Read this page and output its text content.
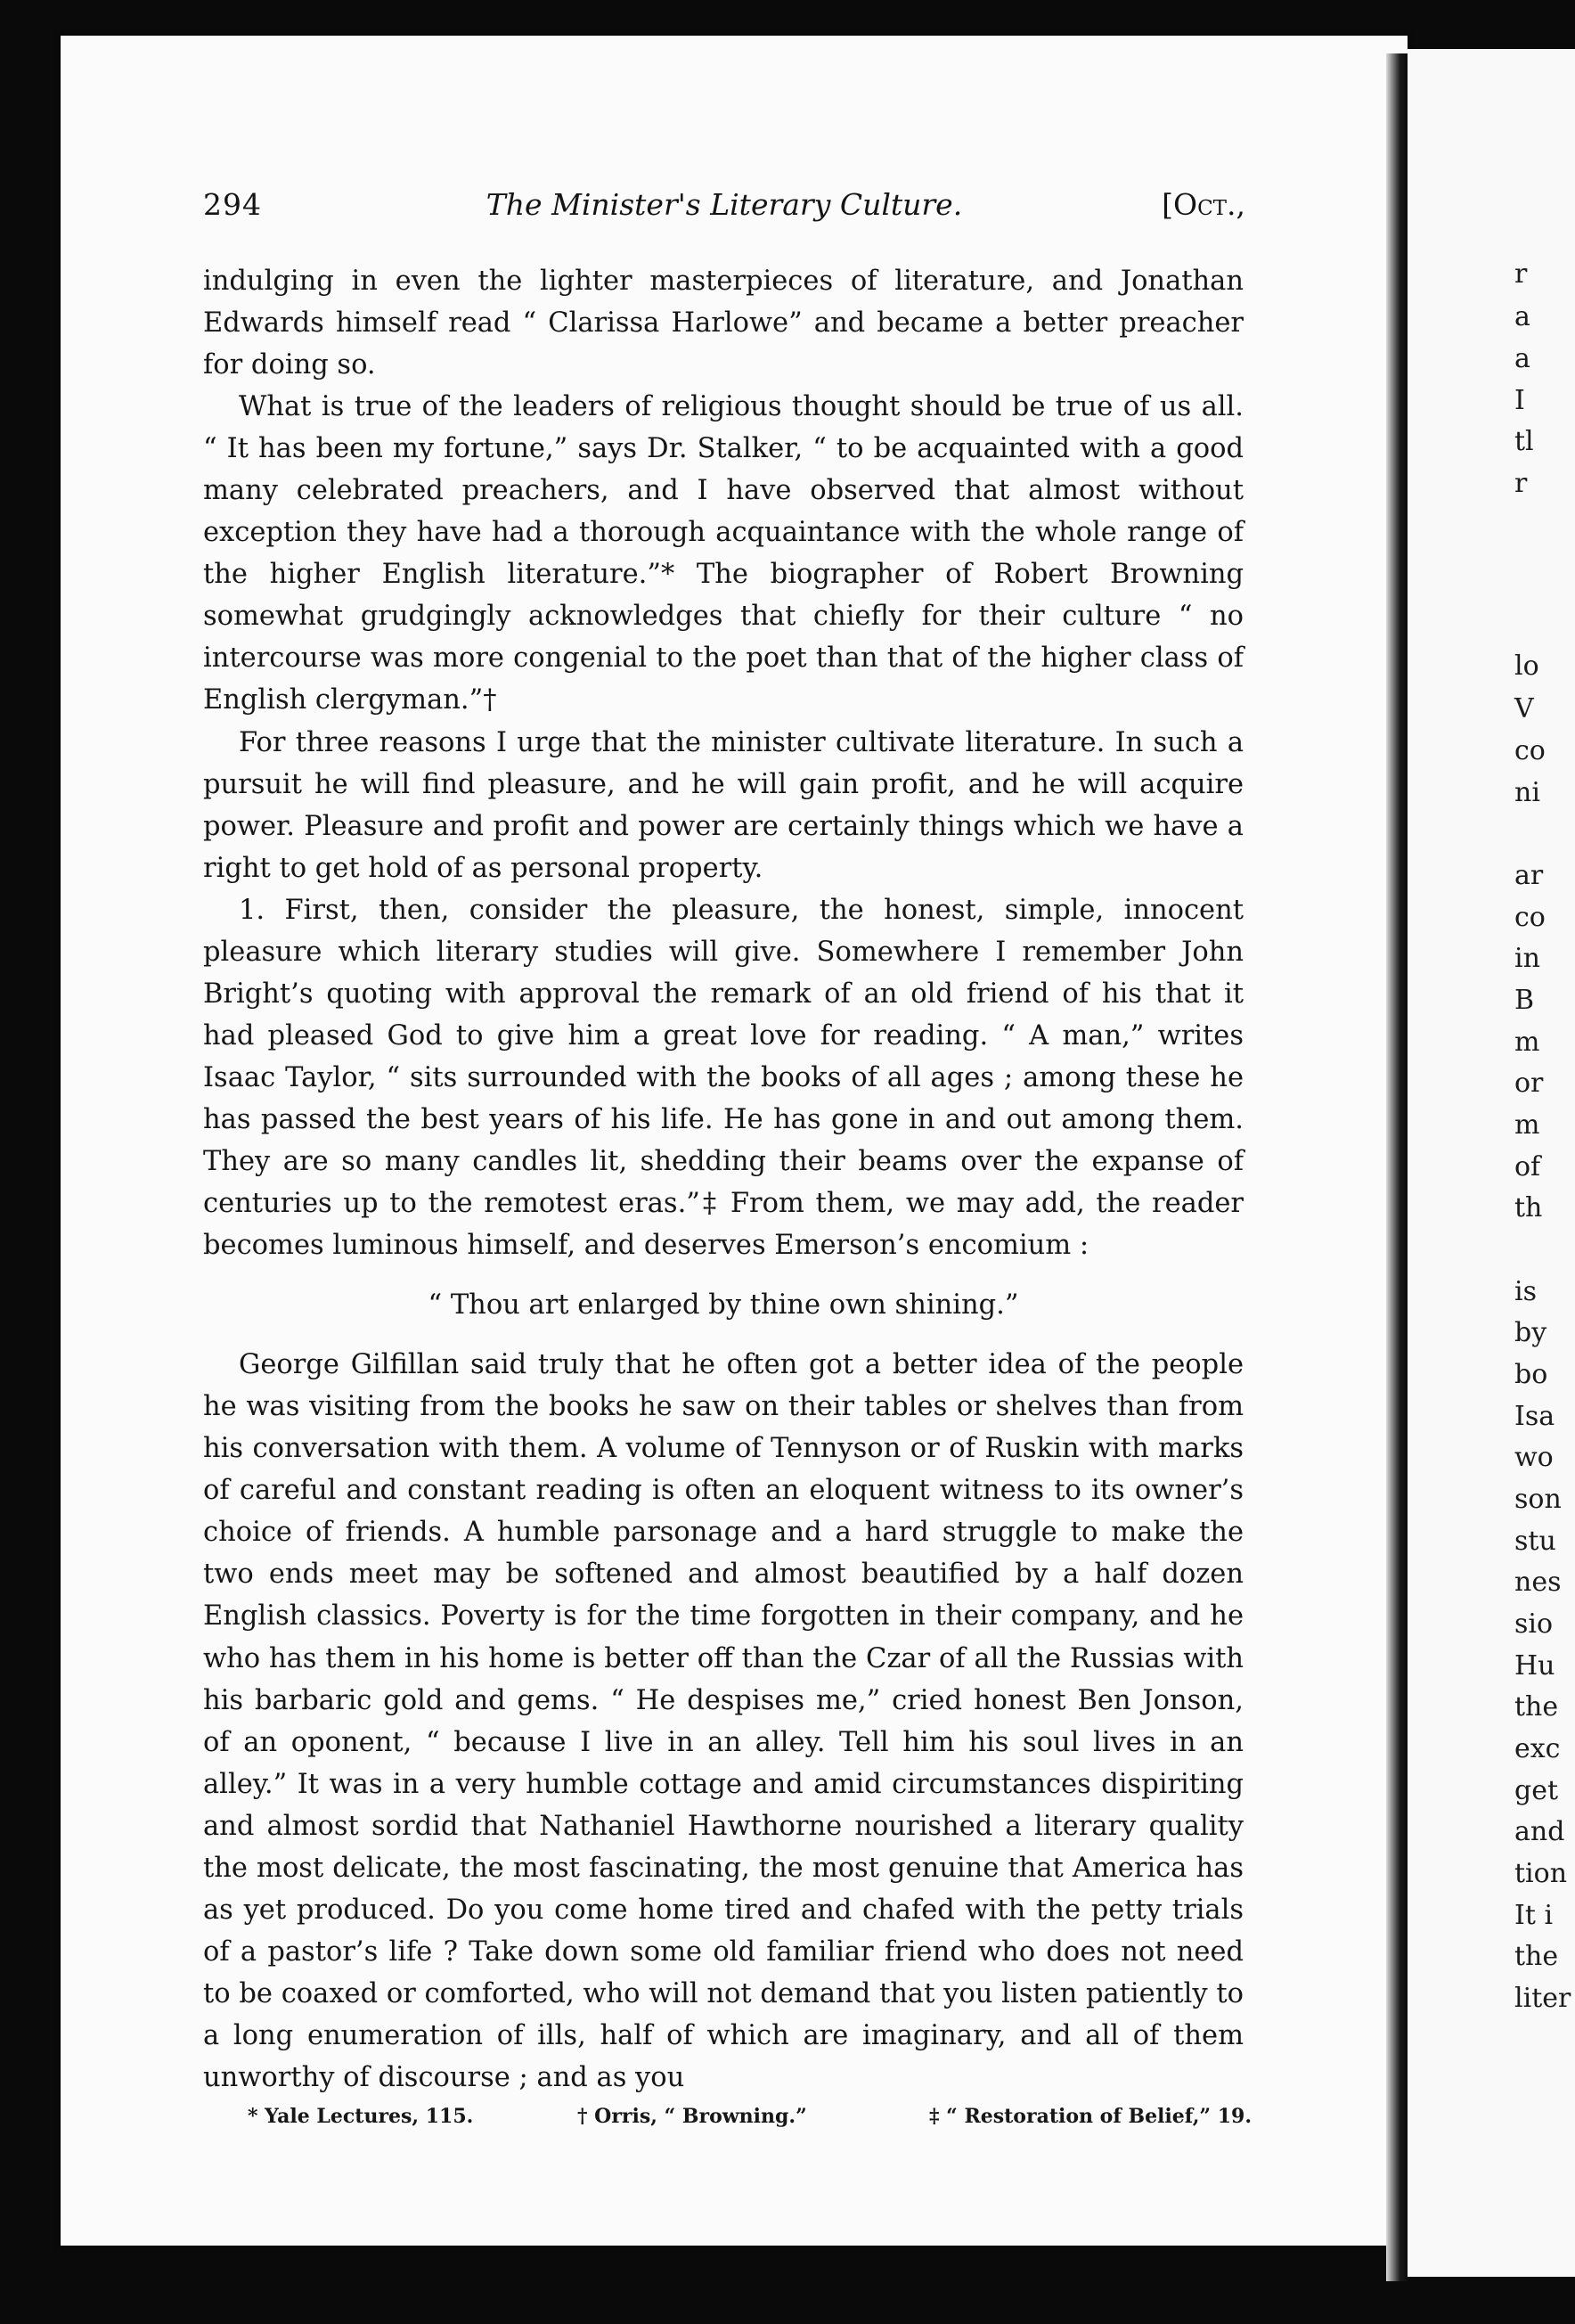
294	The Minister's Literary Culture.	[Oct.,

indulging in even the lighter masterpieces of literature, and Jonathan Edwards himself read “ Clarissa Harlowe” and became a better preacher for doing so.

What is true of the leaders of religious thought should be true of us all. “ It has been my fortune,” says Dr. Stalker, “ to be acquainted with a good many celebrated preachers, and I have observed that almost without exception they have had a thorough acquaintance with the whole range of the higher English literature.”* The biographer of Robert Browning somewhat grudgingly acknowledges that chiefly for their culture “ no intercourse was more congenial to the poet than that of the higher class of English clergyman.”†

For three reasons I urge that the minister cultivate literature. In such a pursuit he will find pleasure, and he will gain profit, and he will acquire power. Pleasure and profit and power are certainly things which we have a right to get hold of as personal property.

1. First, then, consider the pleasure, the honest, simple, innocent pleasure which literary studies will give. Somewhere I remember John Bright’s quoting with approval the remark of an old friend of his that it had pleased God to give him a great love for reading. “ A man,” writes Isaac Taylor, “ sits surrounded with the books of all ages ; among these he has passed the best years of his life. He has gone in and out among them. They are so many candles lit, shedding their beams over the expanse of centuries up to the remotest eras.”‡ From them, we may add, the reader becomes luminous himself, and deserves Emerson’s encomium :

“ Thou art enlarged by thine own shining.”

George Gilfillan said truly that he often got a better idea of the people he was visiting from the books he saw on their tables or shelves than from his conversation with them. A volume of Tennyson or of Ruskin with marks of careful and constant reading is often an eloquent witness to its owner’s choice of friends. A humble parsonage and a hard struggle to make the two ends meet may be softened and almost beautified by a half dozen English classics. Poverty is for the time forgotten in their company, and he who has them in his home is better off than the Czar of all the Russias with his barbaric gold and gems. “ He despises me,” cried honest Ben Jonson, of an oponent, “ because I live in an alley. Tell him his soul lives in an alley.” It was in a very humble cottage and amid circumstances dispiriting and almost sordid that Nathaniel Hawthorne nourished a literary quality the most delicate, the most fascinating, the most genuine that America has as yet produced. Do you come home tired and chafed with the petty trials of a pastor’s life ? Take down some old familiar friend who does not need to be coaxed or comforted, who will not demand that you listen patiently to a long enumeration of ills, half of which are imaginary, and all of them unworthy of discourse ; and as you

* Yale Lectures, 115.	† Orris, “ Browning.”	‡ “ Restoration of Belief,” 19.
r
a
a
I
tl
r
lo
V
co
ni
ar
co
in
B
m
or
m
of
th
is
by
bo
Isa
wo
son
stu
nes
sio
Hu
the
exc
get
and
tion
It i
the
liter
